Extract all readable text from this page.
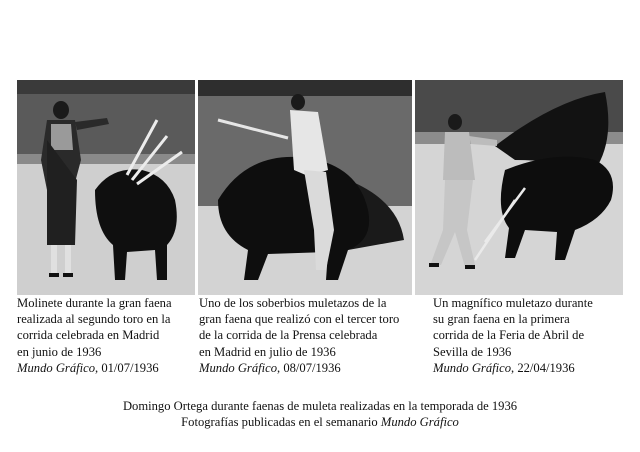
Molinete durante la gran faena
realizada al segundo toro en la
corrida celebrada en Madrid
en junio de 1936
Mundo Gráfico, 01/07/1936
Uno de los soberbios muletazos de la
gran faena que realizó con el tercer toro
de la corrida de la Prensa celebrada
en Madrid en julio de 1936
Mundo Gráfico, 08/07/1936
Un magnífico muletazo durante
su gran faena en la primera
corrida de la Feria de Abril de
Sevilla de 1936
Mundo Gráfico, 22/04/1936
Domingo Ortega durante faenas de muleta realizadas en la temporada de 1936
Fotografías publicadas en el semanario Mundo Gráfico
